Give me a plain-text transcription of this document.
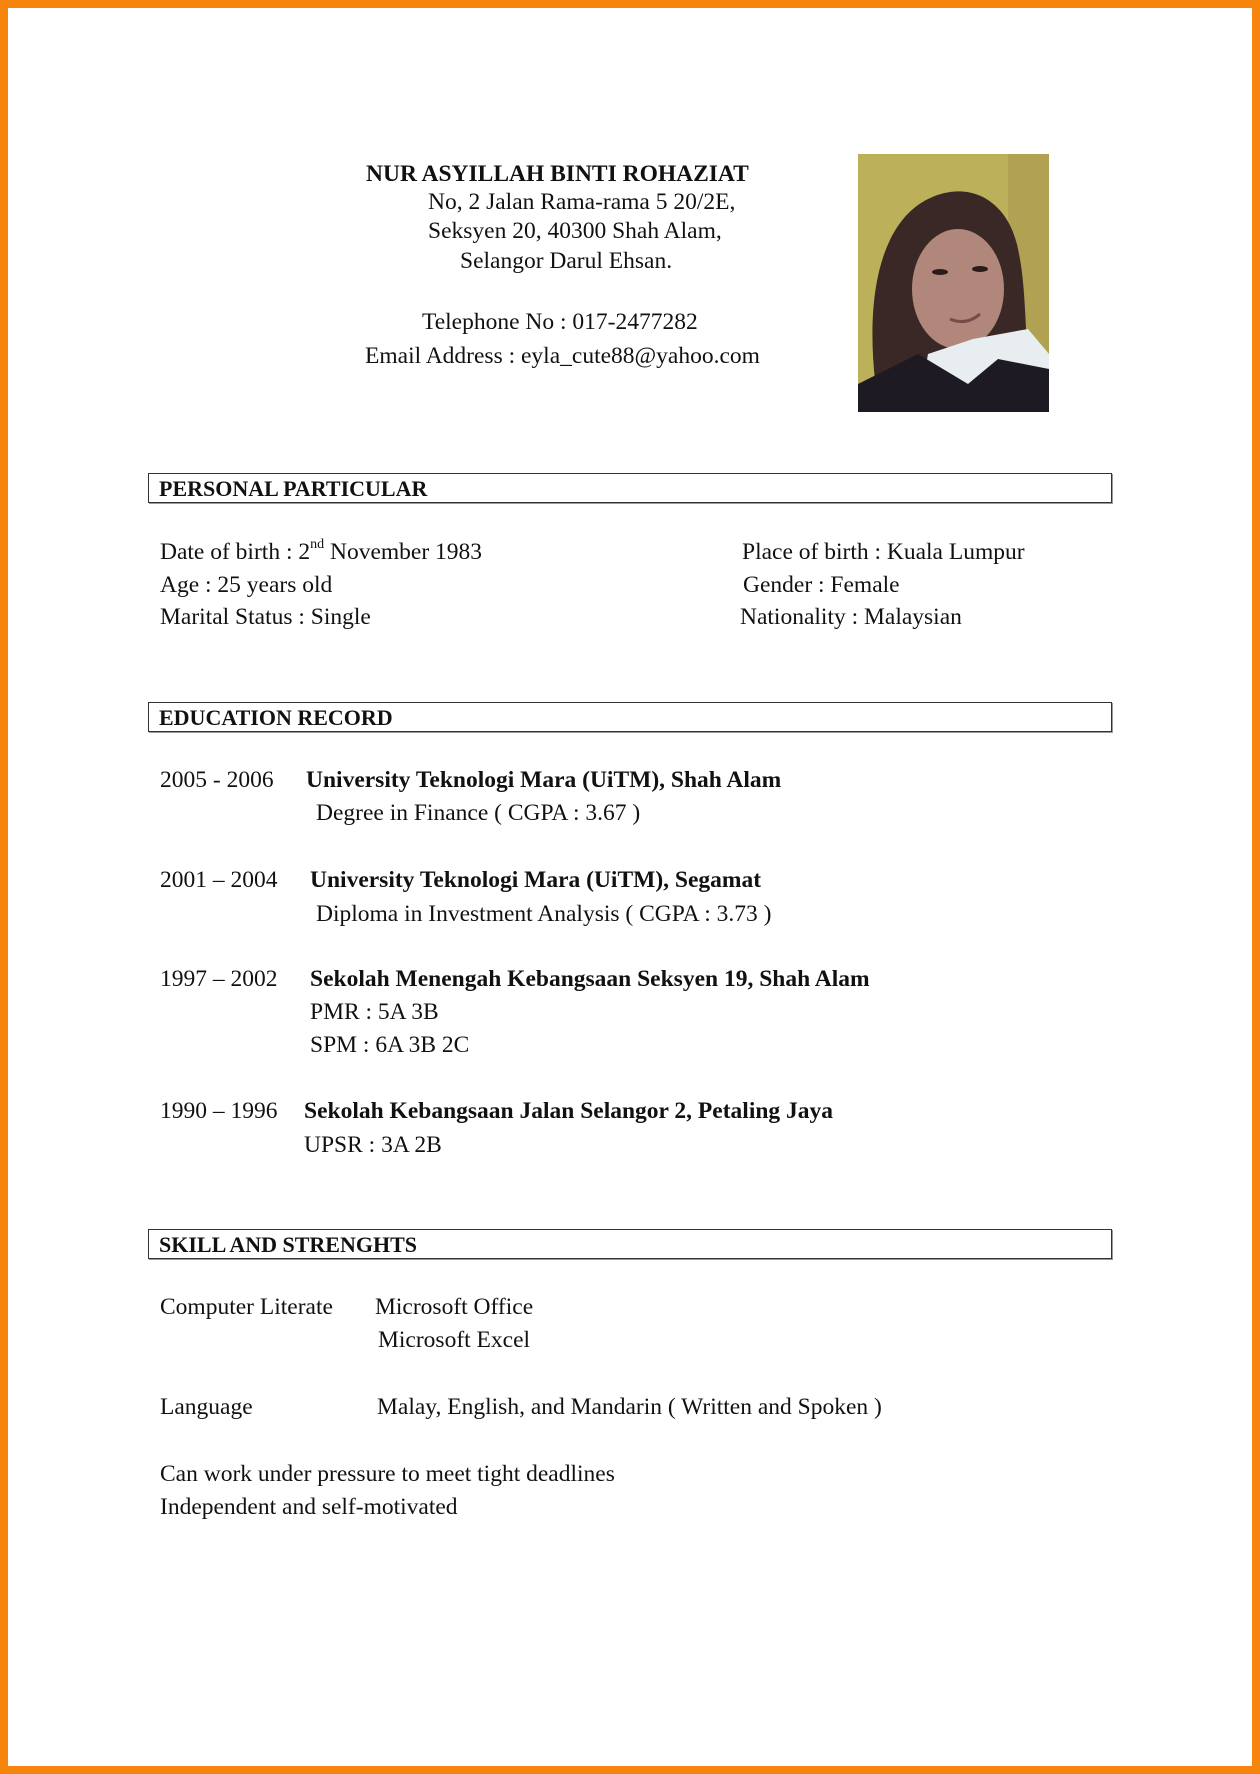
NUR ASYILLAH BINTI ROHAZIAT
No, 2 Jalan Rama-rama 5 20/2E,
Seksyen 20, 40300 Shah Alam,
Selangor Darul Ehsan.
Telephone No : 017-2477282
Email Address : eyla_cute88@yahoo.com
PERSONAL PARTICULAR
Date of birth : 2nd November 1983
Age : 25 years old
Marital Status : Single
Place of birth : Kuala Lumpur
Gender : Female
Nationality : Malaysian
EDUCATION RECORD
2005 - 2006 University Teknologi Mara (UiTM), Shah Alam
Degree in Finance ( CGPA : 3.67 )
2001 – 2004 University Teknologi Mara (UiTM), Segamat
Diploma in Investment Analysis ( CGPA : 3.73 )
1997 – 2002 Sekolah Menengah Kebangsaan Seksyen 19, Shah Alam
PMR : 5A 3B
SPM : 6A 3B 2C
1990 – 1996 Sekolah Kebangsaan Jalan Selangor 2, Petaling Jaya
UPSR : 3A 2B
SKILL AND STRENGHTS
Computer Literate Microsoft Office
Microsoft Excel
Language	Malay, English, and Mandarin ( Written and Spoken )
Can work under pressure to meet tight deadlines
Independent and self-motivated
